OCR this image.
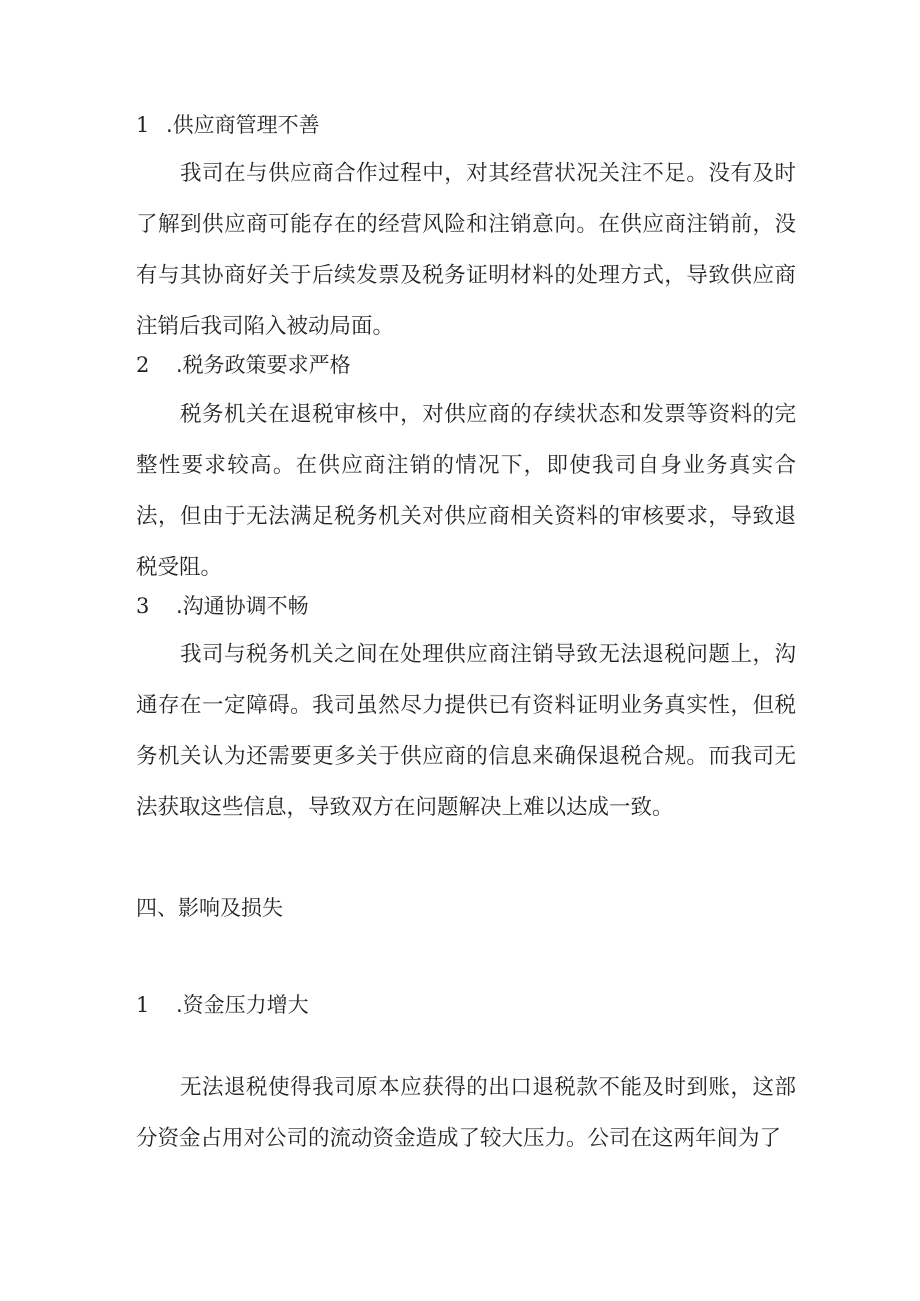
1 .供应商管理不善
我司在与供应商合作过程中，对其经营状况关注不足。没有及时了解到供应商可能存在的经营风险和注销意向。在供应商注销前，没有与其协商好关于后续发票及税务证明材料的处理方式，导致供应商注销后我司陷入被动局面。
2 .税务政策要求严格
税务机关在退税审核中，对供应商的存续状态和发票等资料的完整性要求较高。在供应商注销的情况下，即使我司自身业务真实合法，但由于无法满足税务机关对供应商相关资料的审核要求，导致退税受阻。
3 .沟通协调不畅
我司与税务机关之间在处理供应商注销导致无法退税问题上，沟通存在一定障碍。我司虽然尽力提供已有资料证明业务真实性，但税务机关认为还需要更多关于供应商的信息来确保退税合规。而我司无法获取这些信息，导致双方在问题解决上难以达成一致。
四、影响及损失
1 .资金压力增大
无法退税使得我司原本应获得的出口退税款不能及时到账，这部分资金占用对公司的流动资金造成了较大压力。公司在这两年间为了
